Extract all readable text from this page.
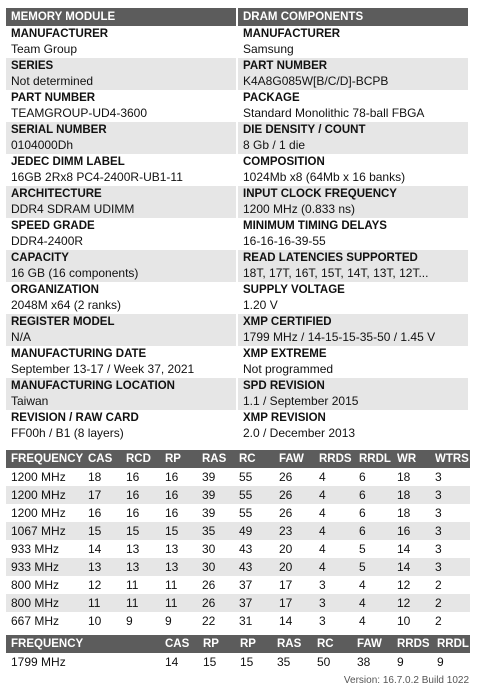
MEMORY MODULE
MANUFACTURER
Team Group
SERIES
Not determined
PART NUMBER
TEAMGROUP-UD4-3600
SERIAL NUMBER
0104000Dh
JEDEC DIMM LABEL
16GB 2Rx8 PC4-2400R-UB1-11
ARCHITECTURE
DDR4 SDRAM UDIMM
SPEED GRADE
DDR4-2400R
CAPACITY
16 GB (16 components)
ORGANIZATION
2048M x64 (2 ranks)
REGISTER MODEL
N/A
MANUFACTURING DATE
September 13-17 / Week 37, 2021
MANUFACTURING LOCATION
Taiwan
REVISION / RAW CARD
FF00h / B1 (8 layers)
DRAM COMPONENTS
MANUFACTURER
Samsung
PART NUMBER
K4A8G085W[B/C/D]-BCPB
PACKAGE
Standard Monolithic 78-ball FBGA
DIE DENSITY / COUNT
8 Gb / 1 die
COMPOSITION
1024Mb x8 (64Mb x 16 banks)
INPUT CLOCK FREQUENCY
1200 MHz (0.833 ns)
MINIMUM TIMING DELAYS
16-16-16-39-55
READ LATENCIES SUPPORTED
18T, 17T, 16T, 15T, 14T, 13T, 12T...
SUPPLY VOLTAGE
1.20 V
XMP CERTIFIED
1799 MHz / 14-15-15-35-50 / 1.45 V
XMP EXTREME
Not programmed
SPD REVISION
1.1 / September 2015
XMP REVISION
2.0 / December 2013
FREQUENCY	CAS	RCD	RP	RAS	RC	FAW	RRDS	RRDL	WR	WTRS
1200 MHz	18	16	16	39	55	26	4	6	18	3
1200 MHz	17	16	16	39	55	26	4	6	18	3
1200 MHz	16	16	16	39	55	26	4	6	18	3
1067 MHz	15	15	15	35	49	23	4	6	16	3
933 MHz	14	13	13	30	43	20	4	5	14	3
933 MHz	13	13	13	30	43	20	4	5	14	3
800 MHz	12	11	11	26	37	17	3	4	12	2
800 MHz	11	11	11	26	37	17	3	4	12	2
667 MHz	10	9	9	22	31	14	3	4	10	2
FREQUENCY	CAS	RP	RP	RAS	RC	FAW	RRDS	RRDL
1799 MHz	14	15	15	35	50	38	9	9
Version: 16.7.0.2 Build 1022
